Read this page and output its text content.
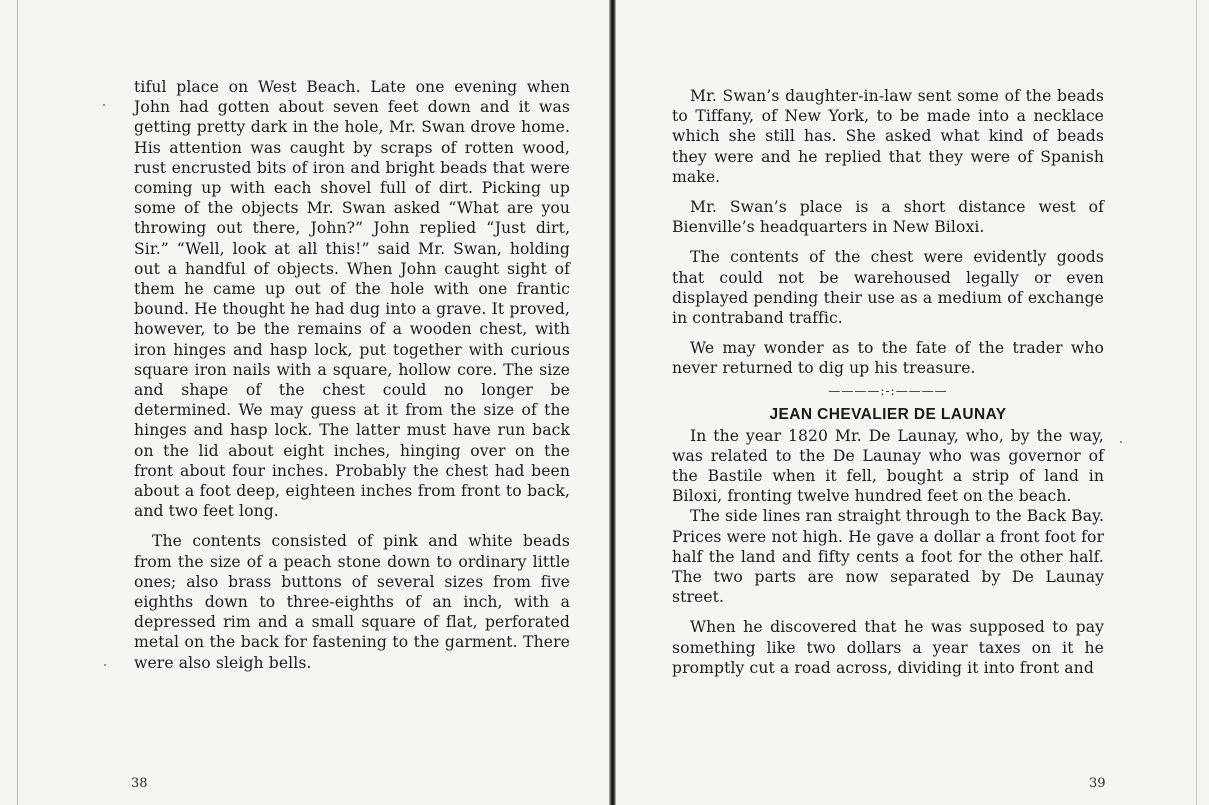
tiful place on West Beach. Late one evening when John had gotten about seven feet down and it was getting pretty dark in the hole, Mr. Swan drove home. His attention was caught by scraps of rotten wood, rust encrusted bits of iron and bright beads that were coming up with each shovel full of dirt. Picking up some of the objects Mr. Swan asked “What are you throwing out there, John?” John replied “Just dirt, Sir.” “Well, look at all this!” said Mr. Swan, holding out a handful of objects. When John caught sight of them he came up out of the hole with one frantic bound. He thought he had dug into a grave. It proved, however, to be the remains of a wooden chest, with iron hinges and hasp lock, put together with curious square iron nails with a square, hollow core. The size and shape of the chest could no longer be determined. We may guess at it from the size of the hinges and hasp lock. The latter must have run back on the lid about eight inches, hinging over on the front about four inches. Probably the chest had been about a foot deep, eighteen inches from front to back, and two feet long.

The contents consisted of pink and white beads from the size of a peach stone down to ordinary little ones; also brass buttons of several sizes from five eighths down to three-eighths of an inch, with a depressed rim and a small square of flat, perforated metal on the back for fastening to the garment. There were also sleigh bells.

Mr. Swan’s daughter-in-law sent some of the beads to Tiffany, of New York, to be made into a necklace which she still has. She asked what kind of beads they were and he replied that they were of Spanish make.

Mr. Swan’s place is a short distance west of Bienville’s headquarters in New Biloxi.

The contents of the chest were evidently goods that could not be warehoused legally or even displayed pending their use as a medium of exchange in contraband traffic.

We may wonder as to the fate of the trader who never returned to dig up his treasure.

————:-:————

JEAN CHEVALIER DE LAUNAY

In the year 1820 Mr. De Launay, who, by the way, was related to the De Launay who was governor of the Bastile when it fell, bought a strip of land in Biloxi, fronting twelve hundred feet on the beach.

The side lines ran straight through to the Back Bay. Prices were not high. He gave a dollar a front foot for half the land and fifty cents a foot for the other half. The two parts are now separated by De Launay street.

When he discovered that he was supposed to pay something like two dollars a year taxes on it he promptly cut a road across, dividing it into front and

38	39
